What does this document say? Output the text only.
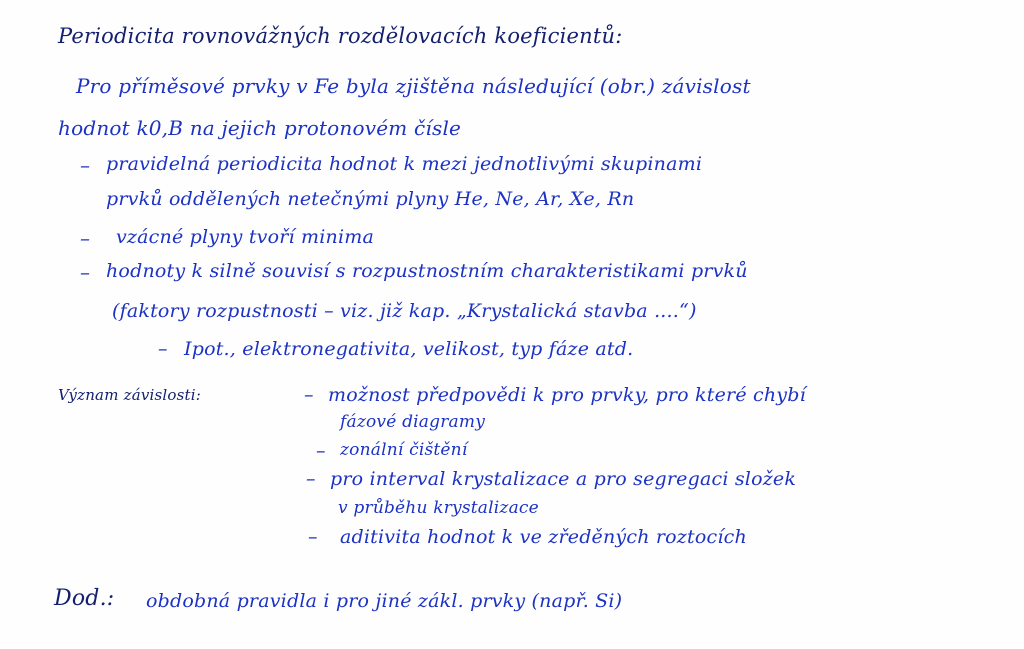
Periodicita rovnovážných rozdělovacích koeficientů:
Pro příměsové prvky v Fe byla zjištěna následující (obr.) závislost
hodnot k0,B na jejich protonovém čísle
– pravidelná periodicita hodnot k mezi jednotlivými skupinami
prvků oddělených netečnými plyny He, Ne, Ar, Xe, Rn
– vzácné plyny tvoří minima
– hodnoty k silně souvisí s rozpustnostním charakteristikami prvků
(faktory rozpustnosti – viz. již kap. „Krystalická stavba ....“)
– Ipot., elektronegativita, velikost, typ fáze atd.
Význam závislosti:	– možnost předpovědi k pro prvky, pro které chybí
fázové diagramy
– zonální čištění
– pro interval krystalizace a pro segregaci složek
v průběhu krystalizace
– aditivita hodnot k ve zředěných roztocích
Dod.: obdobná pravidla i pro jiné zákl. prvky (např. Si)
